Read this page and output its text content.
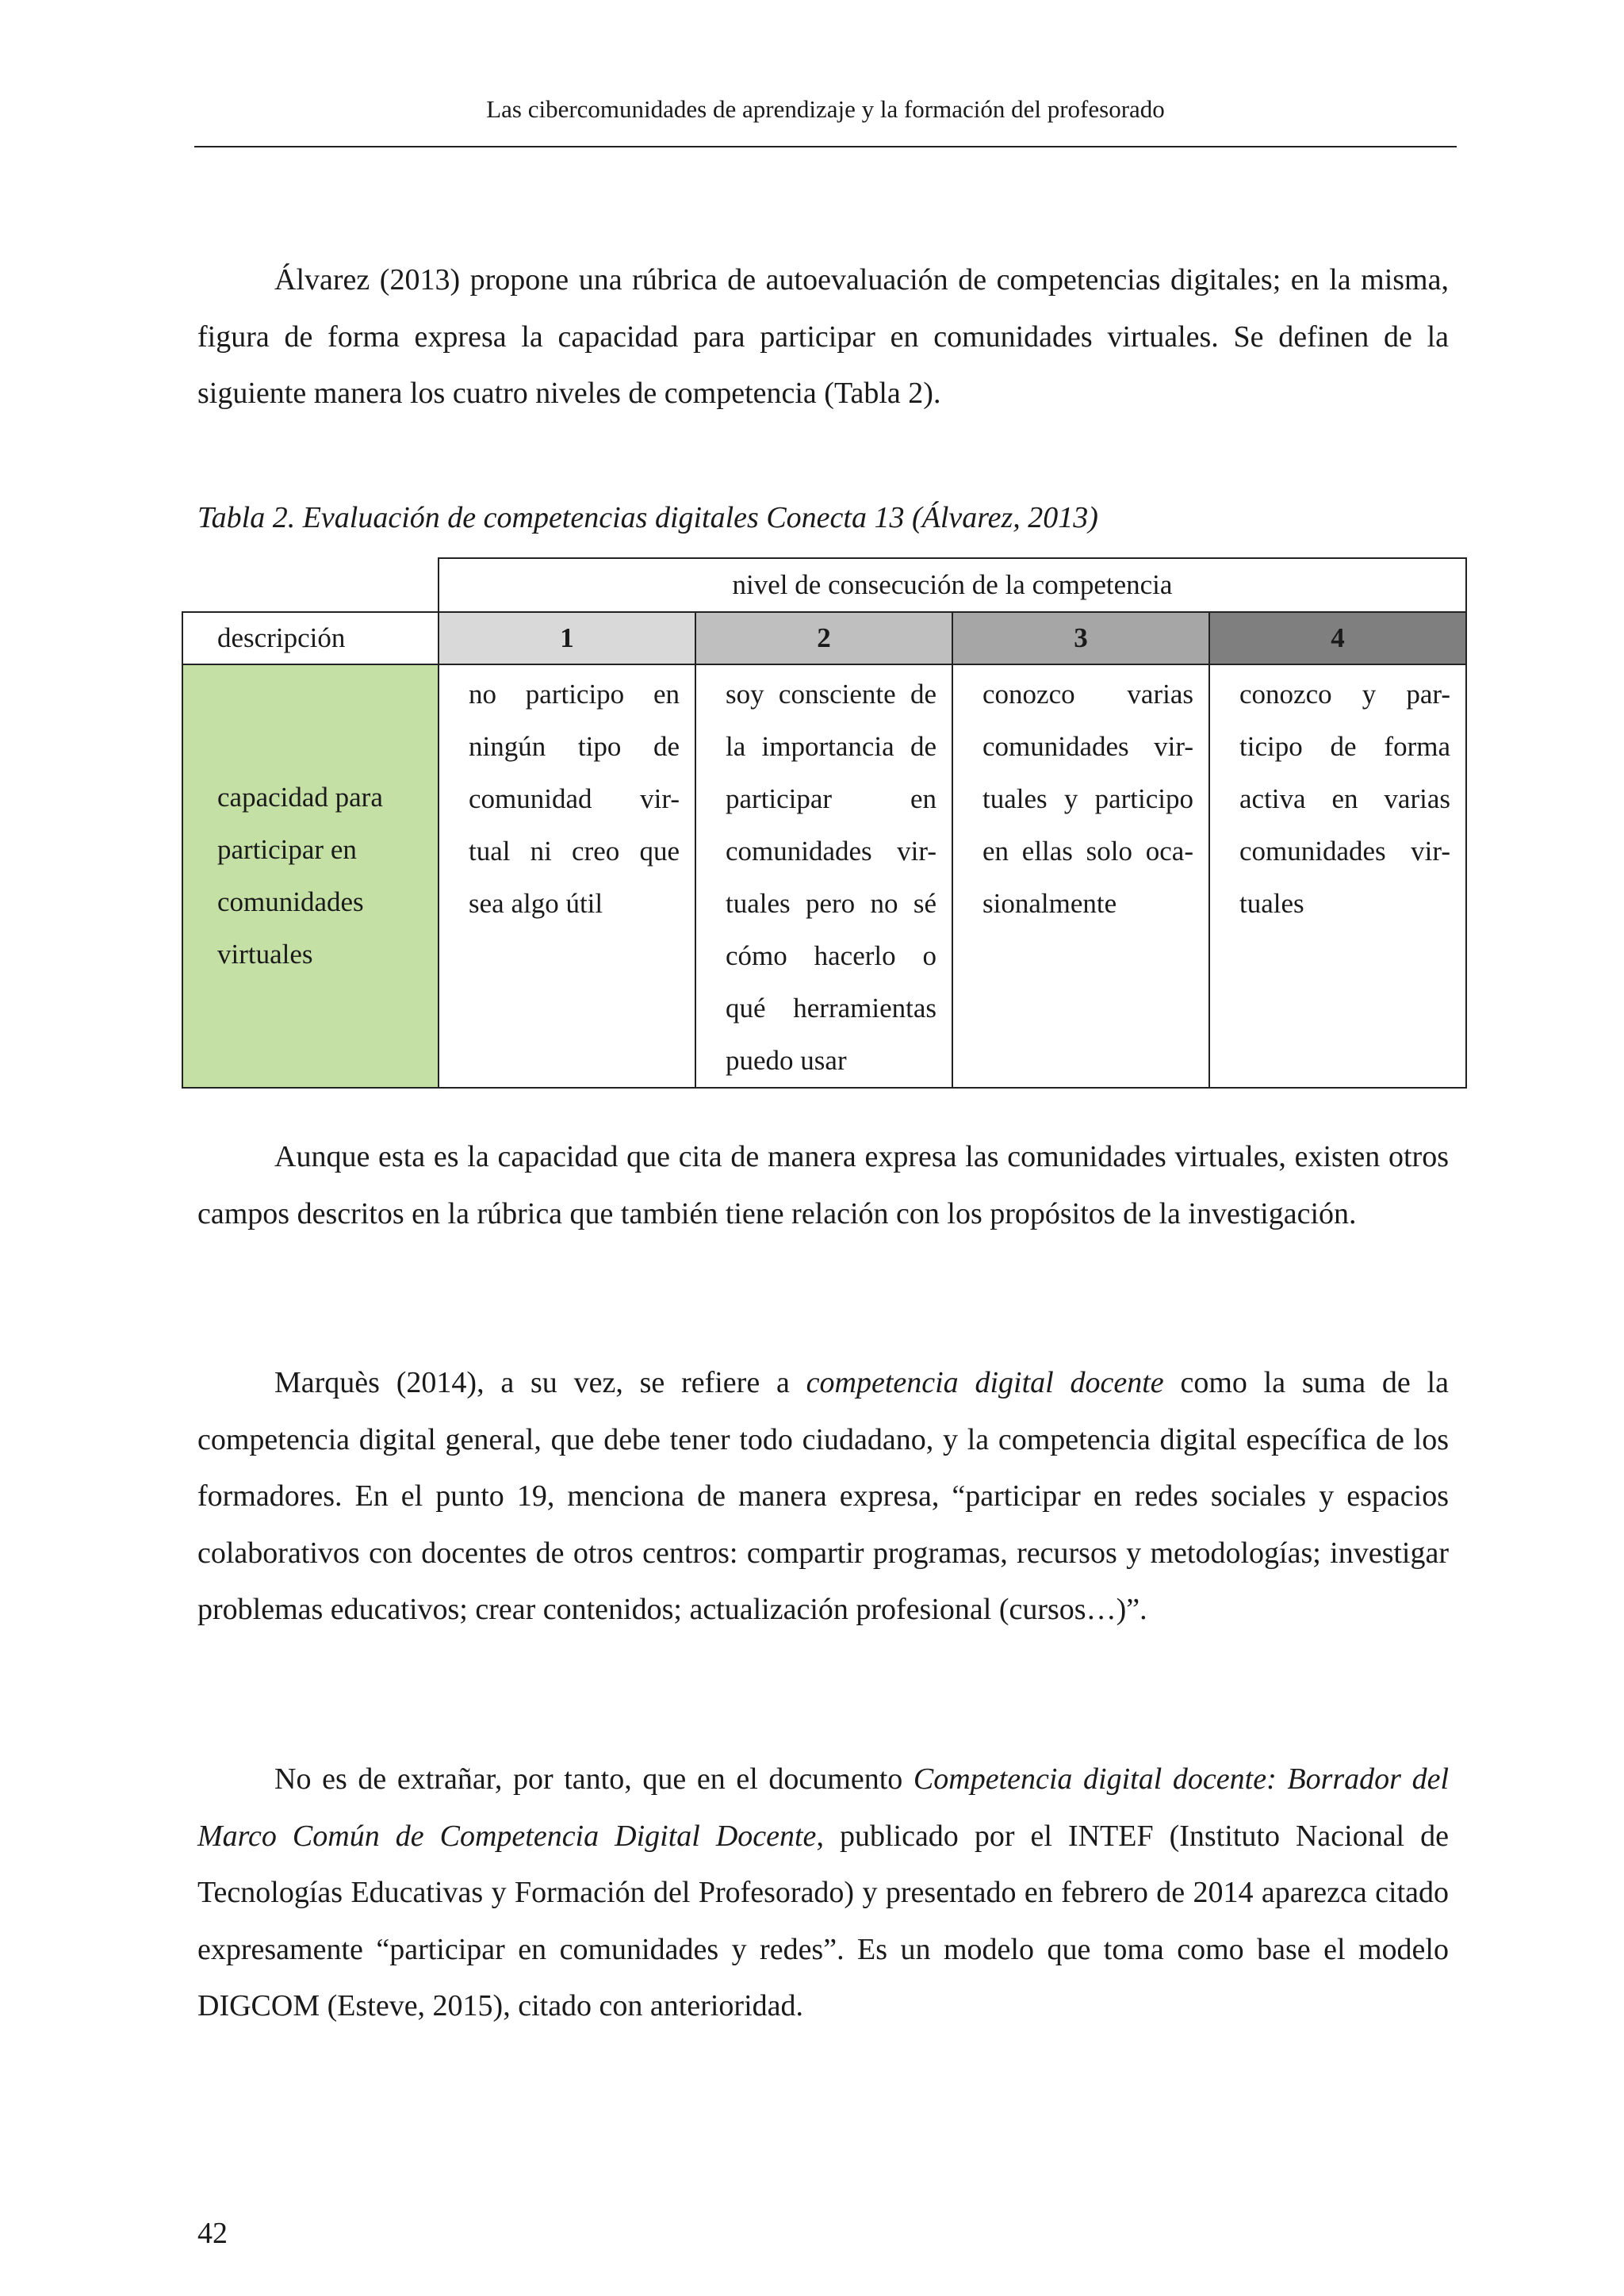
Las cibercomunidades de aprendizaje y la formación del profesorado

Álvarez (2013) propone una rúbrica de autoevaluación de competencias digitales; en la misma, figura de forma expresa la capacidad para participar en comunidades virtuales. Se definen de la siguiente manera los cuatro niveles de competencia (Tabla 2).

Tabla 2. Evaluación de competencias digitales Conecta 13 (Álvarez, 2013)

	nivel de consecución de la competencia			
descripción	1	2	3	4

capacidad para participar en comunidades virtuales	no participo en ningún tipo de comunidad vir-tual ni creo que sea algo útil	soy consciente de la importancia de participar en comunidades vir-tuales pero no sé cómo hacerlo o qué herramientas puedo usar	conozco varias comunidades vir-tuales y participo en ellas solo oca-sionalmente	conozco y par-ticipo de forma activa en varias comunidades vir-tuales

Aunque esta es la capacidad que cita de manera expresa las comunidades virtuales, existen otros campos descritos en la rúbrica que también tiene relación con los propósitos de la investigación.

Marquès (2014), a su vez, se refiere a competencia digital docente como la suma de la competencia digital general, que debe tener todo ciudadano, y la competencia digital específica de los formadores. En el punto 19, menciona de manera expresa, “participar en redes sociales y espacios colaborativos con docentes de otros centros: compartir programas, recursos y metodologías; investigar problemas educativos; crear contenidos; actualización profesional (cursos…)”.

No es de extrañar, por tanto, que en el documento Competencia digital docente: Borrador del Marco Común de Competencia Digital Docente, publicado por el INTEF (Instituto Nacional de Tecnologías Educativas y Formación del Profesorado) y presentado en febrero de 2014 aparezca citado expresamente “participar en comunidades y redes”. Es un modelo que toma como base el modelo DIGCOM (Esteve, 2015), citado con anterioridad.

42
